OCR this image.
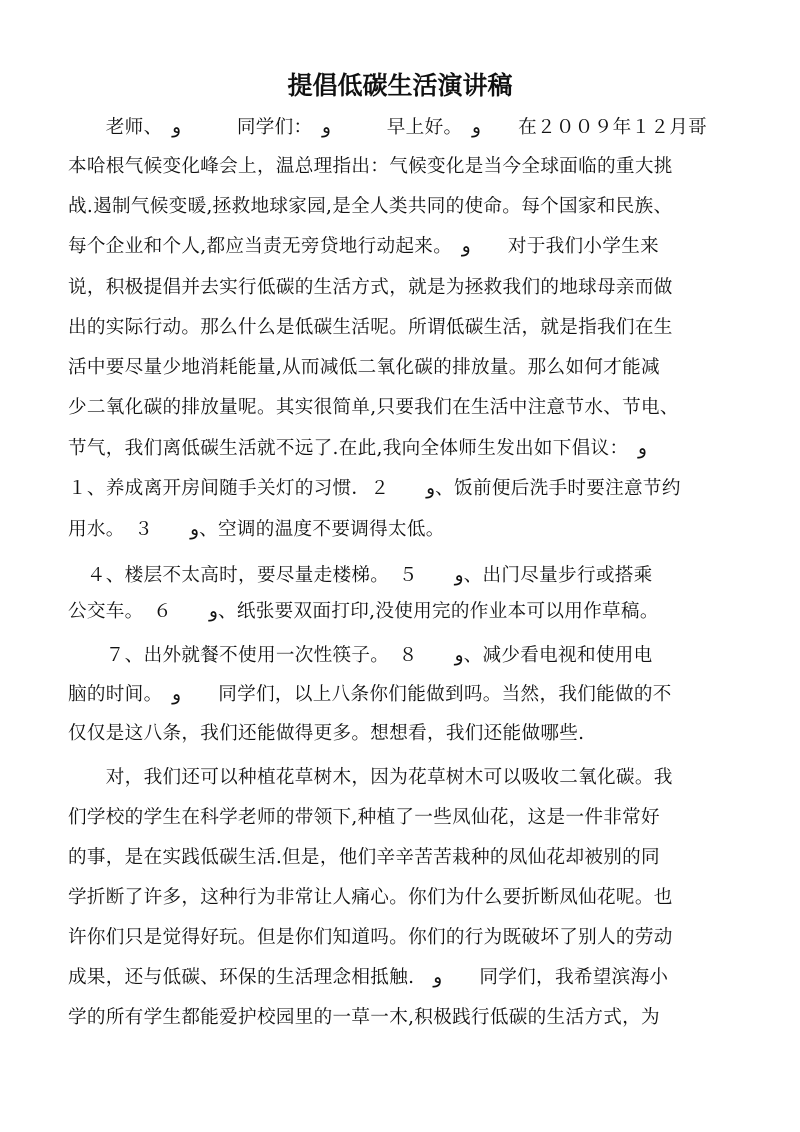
提倡低碳生活演讲稿
　　老师、　و　　　同学们：　و　　　早上好。　و　　在２００９年１２月哥
本哈根气候变化峰会上，温总理指出：气候变化是当今全球面临的重大挑
战.遏制气候变暖,拯救地球家园,是全人类共同的使命。每个国家和民族、
每个企业和个人,都应当责无旁贷地行动起来。　و　　对于我们小学生来
说，积极提倡并去实行低碳的生活方式，就是为拯救我们的地球母亲而做
出的实际行动。那么什么是低碳生活呢。所谓低碳生活，就是指我们在生
活中要尽量少地消耗能量,从而减低二氧化碳的排放量。那么如何才能减
少二氧化碳的排放量呢。其实很简单,只要我们在生活中注意节水、节电、
节气，我们离低碳生活就不远了.在此,我向全体师生发出如下倡议：　و
１、养成离开房间随手关灯的习惯．و　　２、饭前便后洗手时要注意节约
用水。　و　　３、空调的温度不要调得太低。
　４、楼层不太高时，要尽量走楼梯。　و　　５、出门尽量步行或搭乘
公交车。　و　　６、纸张要双面打印,没使用完的作业本可以用作草稿。
　　７、出外就餐不使用一次性筷子。　و　　８、减少看电视和使用电
脑的时间。　و　　同学们，以上八条你们能做到吗。当然，我们能做的不
仅仅是这八条，我们还能做得更多。想想看，我们还能做哪些.
　　对，我们还可以种植花草树木，因为花草树木可以吸收二氧化碳。我
们学校的学生在科学老师的带领下,种植了一些凤仙花，这是一件非常好
的事，是在实践低碳生活.但是，他们辛辛苦苦栽种的凤仙花却被别的同
学折断了许多，这种行为非常让人痛心。你们为什么要折断凤仙花呢。也
许你们只是觉得好玩。但是你们知道吗。你们的行为既破坏了别人的劳动
成果，还与低碳、环保的生活理念相抵触.　و　　同学们，我希望滨海小
学的所有学生都能爱护校园里的一草一木,积极践行低碳的生活方式，为
